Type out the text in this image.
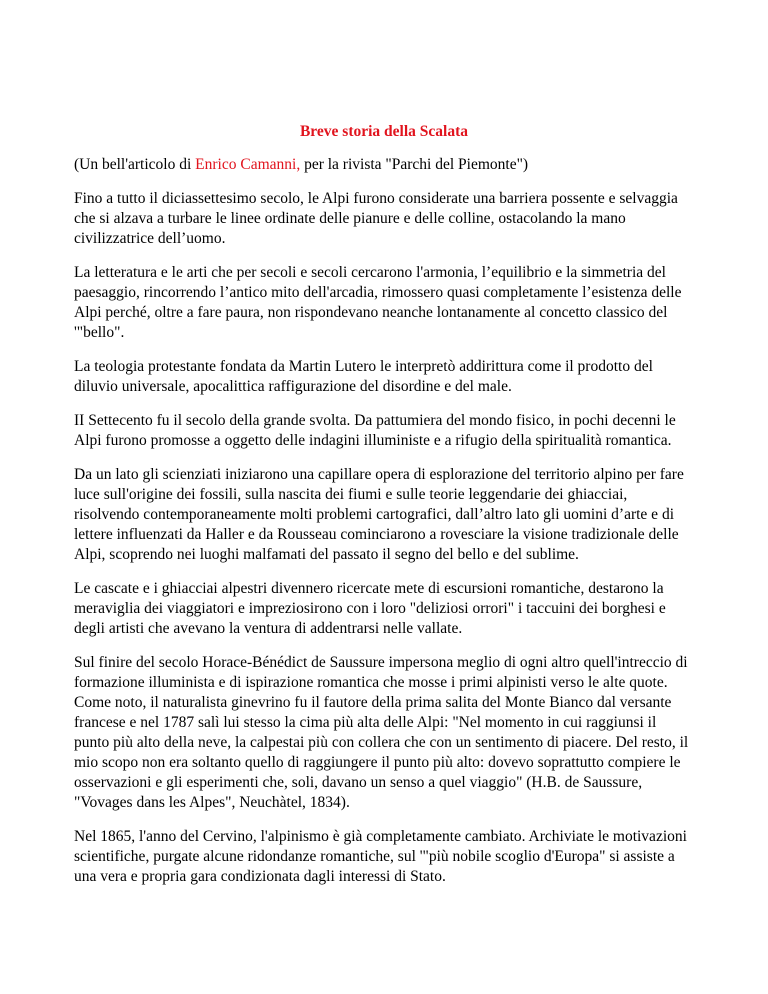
Breve storia della Scalata

(Un bell'articolo di Enrico Camanni, per la rivista "Parchi del Piemonte")

Fino a tutto il diciassettesimo secolo, le Alpi furono considerate una barriera possente e selvaggia che si alzava a turbare le linee ordinate delle pianure e delle colline, ostacolando la mano civilizzatrice dell’uomo.

La letteratura e le arti che per secoli e secoli cercarono l'armonia, l’equilibrio e la simmetria del paesaggio, rincorrendo l’antico mito dell'arcadia, rimossero quasi completamente l’esistenza delle Alpi perché, oltre a fare paura, non rispondevano neanche lontanamente al concetto classico del '"bello".

La teologia protestante fondata da Martin Lutero le interpretò addirittura come il prodotto del diluvio universale, apocalittica raffigurazione del disordine e del male.

II Settecento fu il secolo della grande svolta. Da pattumiera del mondo fisico, in pochi decenni le Alpi furono promosse a oggetto delle indagini illuministe e a rifugio della spiritualità romantica.

Da un lato gli scienziati iniziarono una capillare opera di esplorazione del territorio alpino per fare luce sull'origine dei fossili, sulla nascita dei fiumi e sulle teorie leggendarie dei ghiacciai, risolvendo contemporaneamente molti problemi cartografici, dall’altro lato gli uomini d’arte e di lettere influenzati da Haller e da Rousseau cominciarono a rovesciare la visione tradizionale delle Alpi, scoprendo nei luoghi malfamati del passato il segno del bello e del sublime.

Le cascate e i ghiacciai alpestri divennero ricercate mete di escursioni romantiche, destarono la meraviglia dei viaggiatori e impreziosirono con i loro "deliziosi orrori" i taccuini dei borghesi e degli artisti che avevano la ventura di addentrarsi nelle vallate.

Sul finire del secolo Horace-Bénédict de Saussure impersona meglio di ogni altro quell'intreccio di formazione illuminista e di ispirazione romantica che mosse i primi alpinisti verso le alte quote. Come noto, il naturalista ginevrino fu il fautore della prima salita del Monte Bianco dal versante francese e nel 1787 salì lui stesso la cima più alta delle Alpi: "Nel momento in cui raggiunsi il punto più alto della neve, la calpestai più con collera che con un sentimento di piacere. Del resto, il mio scopo non era soltanto quello di raggiungere il punto più alto: dovevo soprattutto compiere le osservazioni e gli esperimenti che, soli, davano un senso a quel viaggio" (H.B. de Saussure, "Vovages dans les Alpes", Neuchàtel, 1834).

Nel 1865, l'anno del Cervino, l'alpinismo è già completamente cambiato. Archiviate le motivazioni scientifiche, purgate alcune ridondanze romantiche, sul '"più nobile scoglio d'Europa" si assiste a una vera e propria gara condizionata dagli interessi di Stato.
